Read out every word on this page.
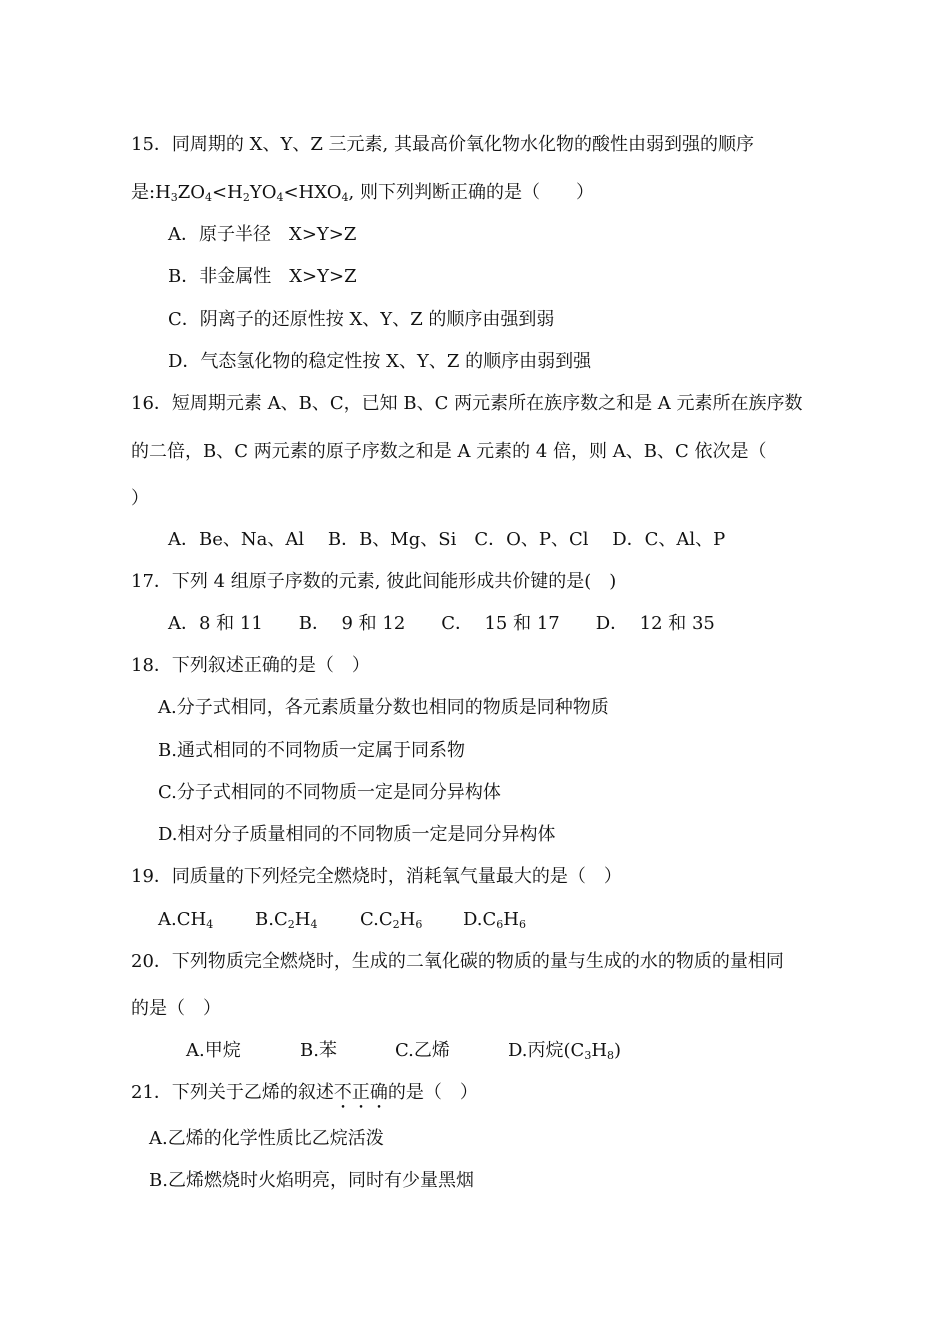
15．同周期的 X、Y、Z 三元素, 其最高价氧化物水化物的酸性由弱到强的顺序
是$:H_3ZO_4<H_2YO_4<HXO_4$, 则下列判断正确的是（　　）
A．原子半径　X>Y>Z
B．非金属性　X>Y>Z
C．阴离子的还原性按 X、Y、Z 的顺序由强到弱
D．气态氢化物的稳定性按 X、Y、Z 的顺序由弱到强
16．短周期元素 A、B、C，已知 B、C 两元素所在族序数之和是 A 元素所在族序数
的二倍，B、C 两元素的原子序数之和是 A 元素的 4 倍，则 A、B、C 依次是（
）
A．Be、Na、Al　 B．B、Mg、Si　C．O、P、Cl　 D．C、Al、P
17．下列 4 组原子序数的元素, 彼此间能形成共价键的是(　)
A．8 和 11　　B．  9 和 12　　C．  15 和 17　　D．  12 和 35
18．下列叙述正确的是（　）
A.分子式相同，各元素质量分数也相同的物质是同种物质
B.通式相同的不同物质一定属于同系物
C.分子式相同的不同物质一定是同分异构体
D.相对分子质量相同的不同物质一定是同分异构体
19．同质量的下列烃完全燃烧时，消耗氧气量最大的是（　）
$A.CH_4$ $B.C_2H_4$ $C.C_2H_6$ $D.C_6H_6$
20．下列物质完全燃烧时，生成的二氧化碳的物质的量与生成的水的物质的量相同
的是（　）
A.甲烷	B.苯	C.乙烯	D.丙烷$(C_3H_8)$
21．下列关于乙烯的叙述不正确的是（　）
A.乙烯的化学性质比乙烷活泼
B.乙烯燃烧时火焰明亮，同时有少量黑烟
